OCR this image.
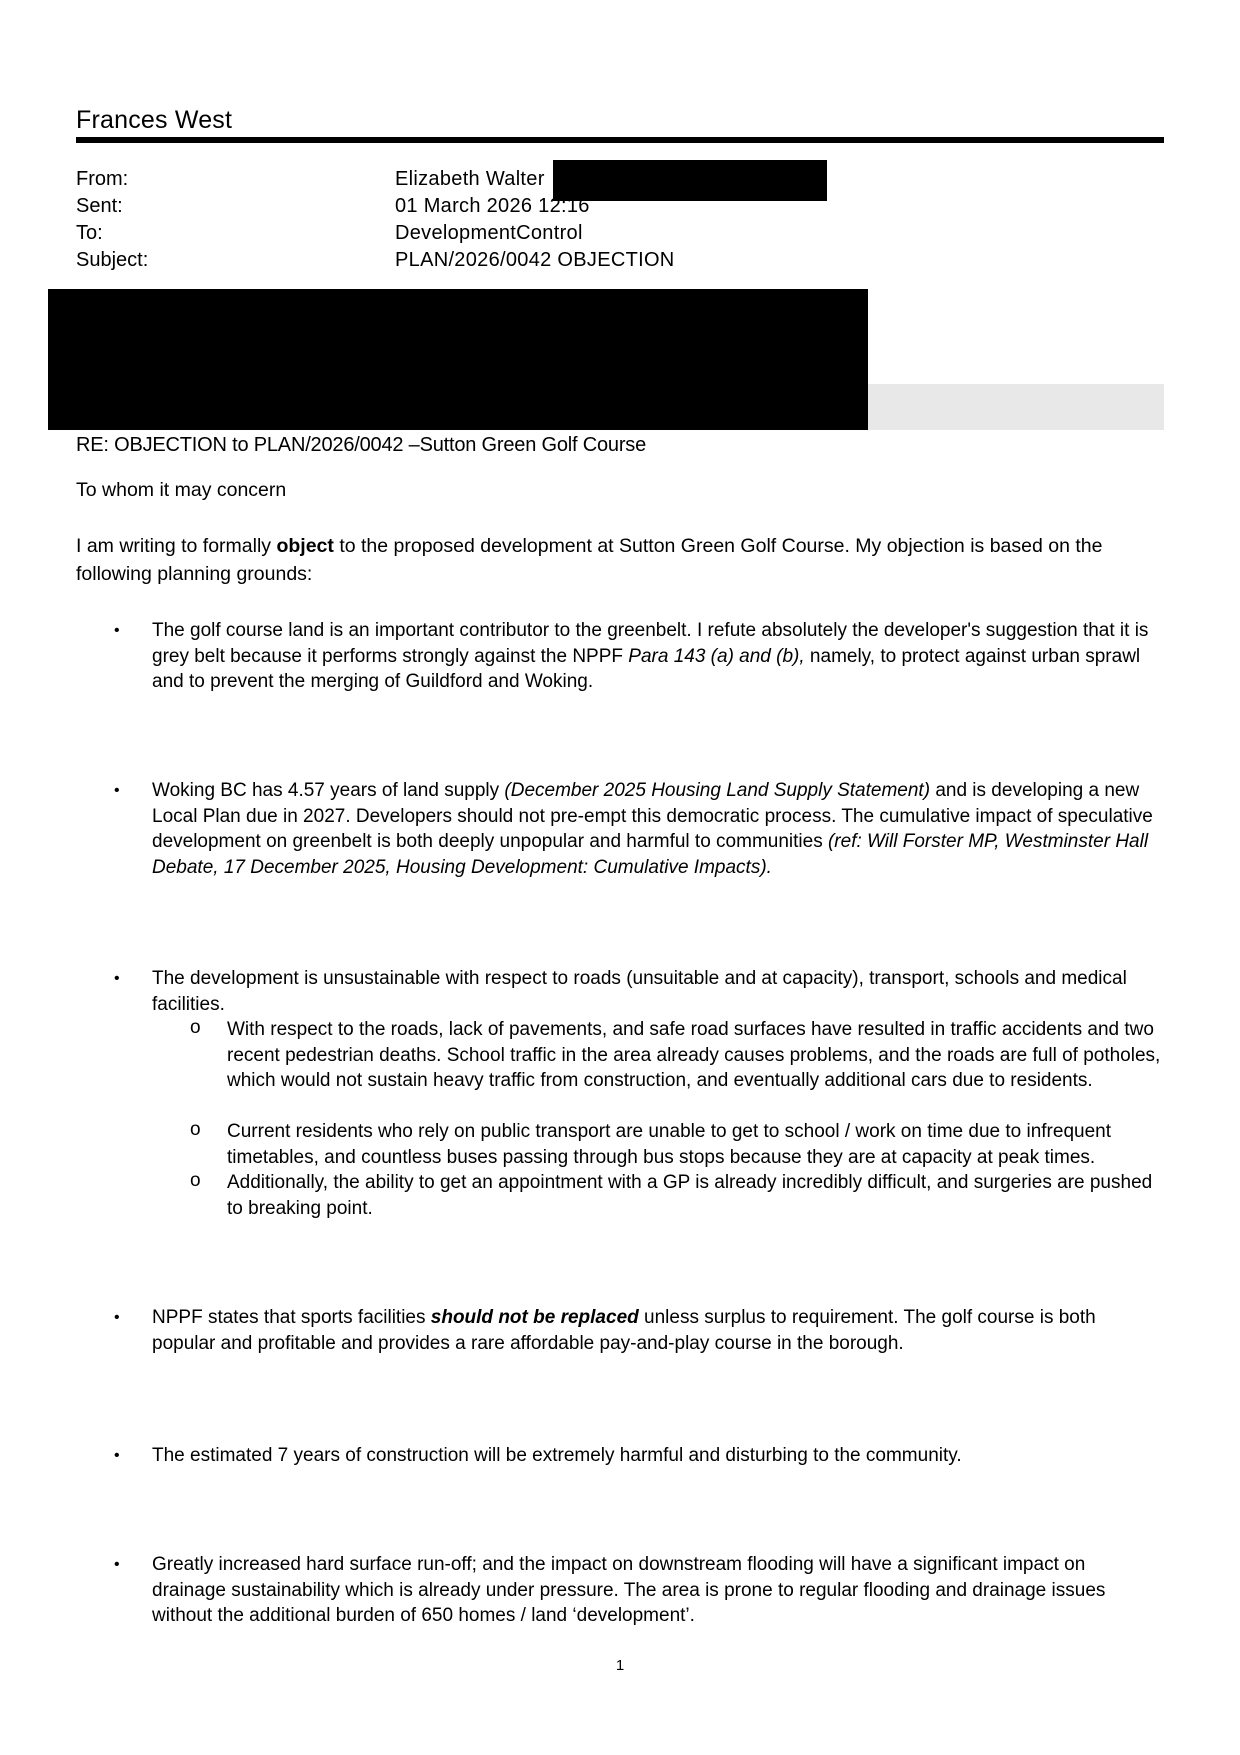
Frances West
From:	Elizabeth Walter
Sent:	01 March 2026 12:16
To:	DevelopmentControl
Subject:	PLAN/2026/0042 OBJECTION
RE: OBJECTION to PLAN/2026/0042 –Sutton Green Golf Course
To whom it may concern
I am writing to formally object to the proposed development at Sutton Green Golf Course. My objection is based on the following planning grounds:
• The golf course land is an important contributor to the greenbelt. I refute absolutely the developer's suggestion that it is grey belt because it performs strongly against the NPPF Para 143 (a) and (b), namely, to protect against urban sprawl and to prevent the merging of Guildford and Woking.
• Woking BC has 4.57 years of land supply (December 2025 Housing Land Supply Statement) and is developing a new Local Plan due in 2027. Developers should not pre-empt this democratic process. The cumulative impact of speculative development on greenbelt is both deeply unpopular and harmful to communities (ref: Will Forster MP, Westminster Hall Debate, 17 December 2025, Housing Development: Cumulative Impacts).
• The development is unsustainable with respect to roads (unsuitable and at capacity), transport, schools and medical facilities.
o With respect to the roads, lack of pavements, and safe road surfaces have resulted in traffic accidents and two recent pedestrian deaths. School traffic in the area already causes problems, and the roads are full of potholes, which would not sustain heavy traffic from construction, and eventually additional cars due to residents.
o Current residents who rely on public transport are unable to get to school / work on time due to infrequent timetables, and countless buses passing through bus stops because they are at capacity at peak times.
o Additionally, the ability to get an appointment with a GP is already incredibly difficult, and surgeries are pushed to breaking point.
• NPPF states that sports facilities should not be replaced unless surplus to requirement. The golf course is both popular and profitable and provides a rare affordable pay-and-play course in the borough.
• The estimated 7 years of construction will be extremely harmful and disturbing to the community.
• Greatly increased hard surface run-off; and the impact on downstream flooding will have a significant impact on drainage sustainability which is already under pressure. The area is prone to regular flooding and drainage issues without the additional burden of 650 homes / land ‘development’.
1
